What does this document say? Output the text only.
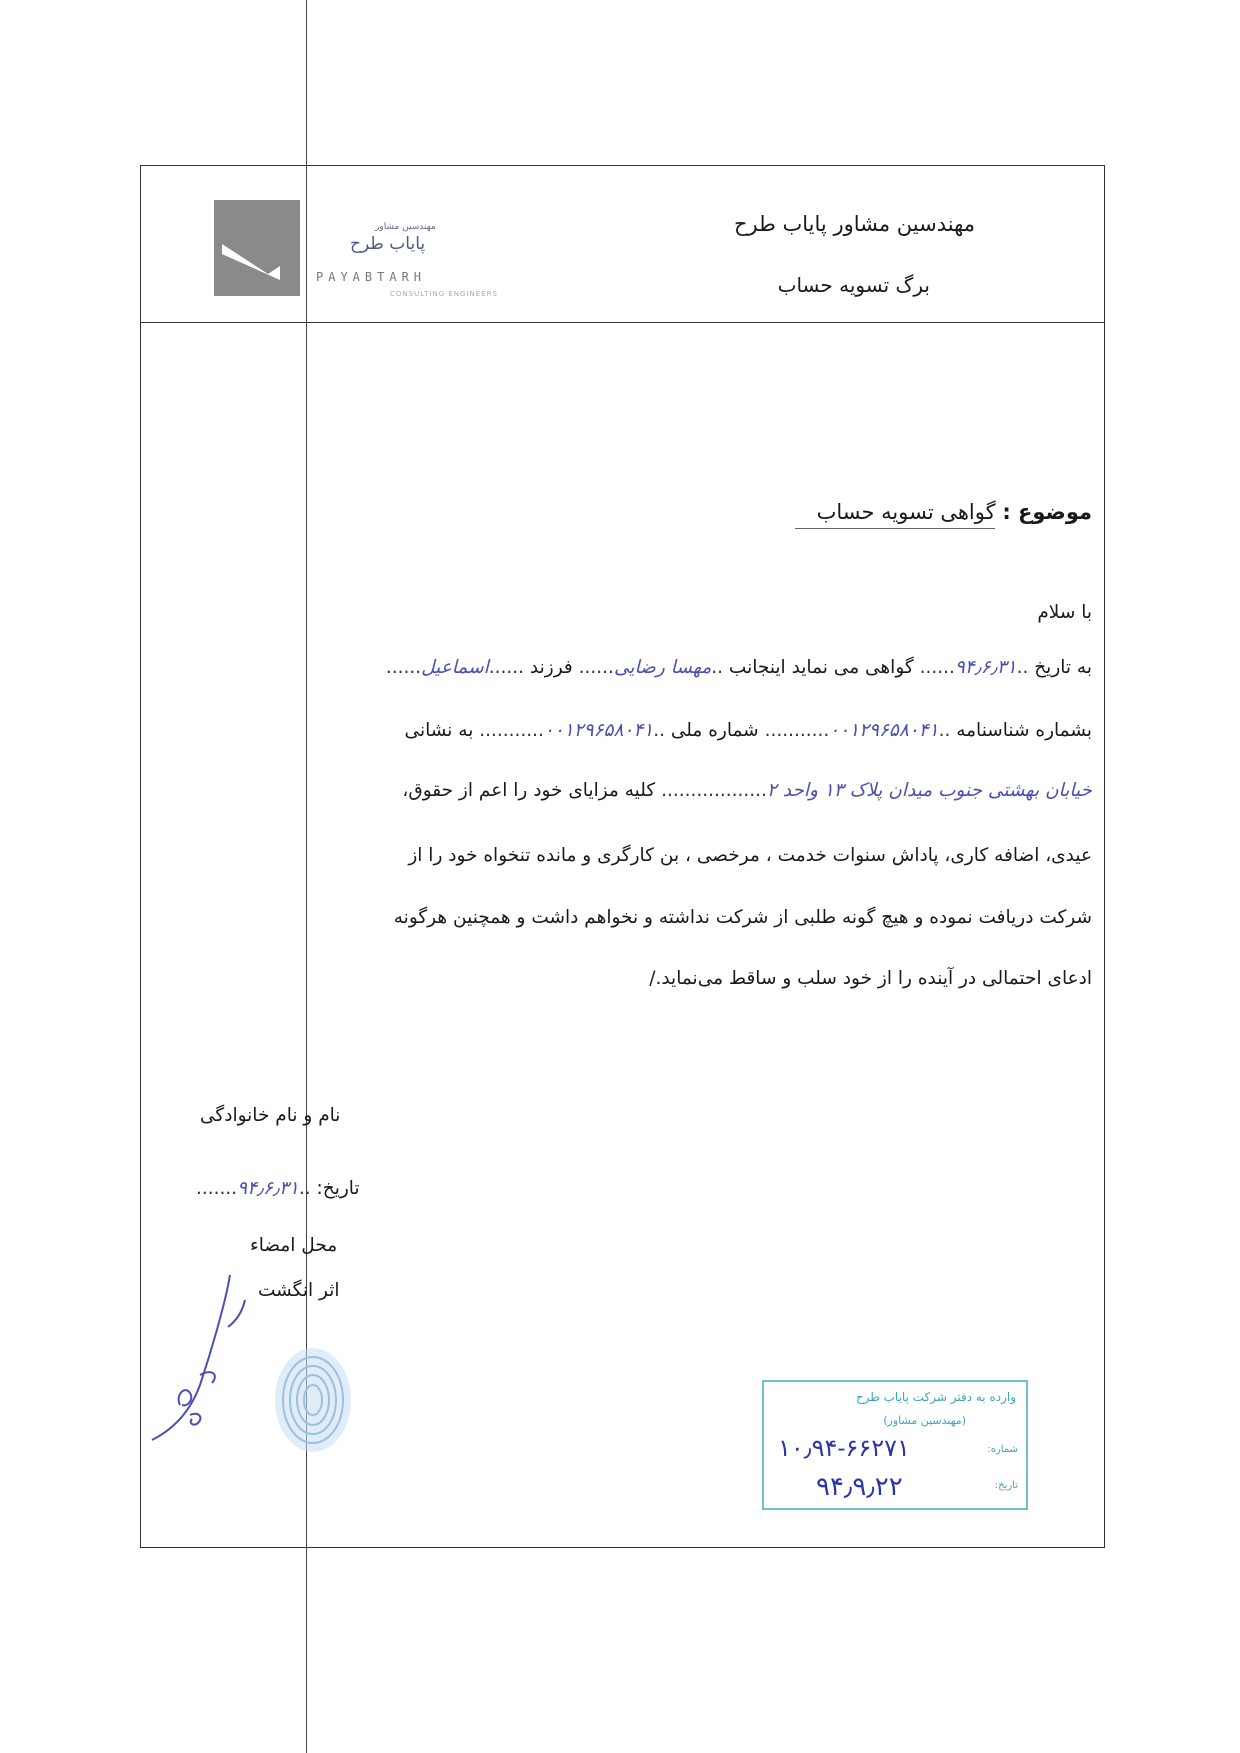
مهندسین مشاور
پایاب طرح
PAYABTARH
CONSULTING ENGINEERS
مهندسین مشاور پایاب طرح
برگ تسویه حساب
موضوع : گواهی تسویه حساب
با سلام
به تاریخ ..۹۴٫۶٫۳۱...... گواهی می نماید اینجانب ..مهسا رضایی...... فرزند ......اسماعیل......
بشماره شناسنامه ..۰۰۱۲۹۶۵۸۰۴۱........... شماره ملی ..۰۰۱۲۹۶۵۸۰۴۱........... به نشانی
خیابان بهشتی جنوب میدان پلاک ۱۳ واحد ۲.................. کلیه مزایای خود را اعم از حقوق،
عیدی، اضافه کاری، پاداش سنوات خدمت ، مرخصی ، بن کارگری و مانده تنخواه خود را از
شرکت دریافت نموده و هیچ گونه طلبی از شرکت نداشته و نخواهم داشت و همچنین هرگونه
ادعای احتمالی در آینده را از خود سلب و ساقط می‌نماید./
نام و نام خانوادگی
تاریخ: ..۹۴٫۶٫۳۱.......
محل امضاء
اثر انگشت
وارده به دفتر شرکت پایاب طرح
(مهندسین مشاور)
شماره:
تاریخ:
۱۰٫۹۴-۶۶۲۷۱
۹۴٫۹٫۲۲
